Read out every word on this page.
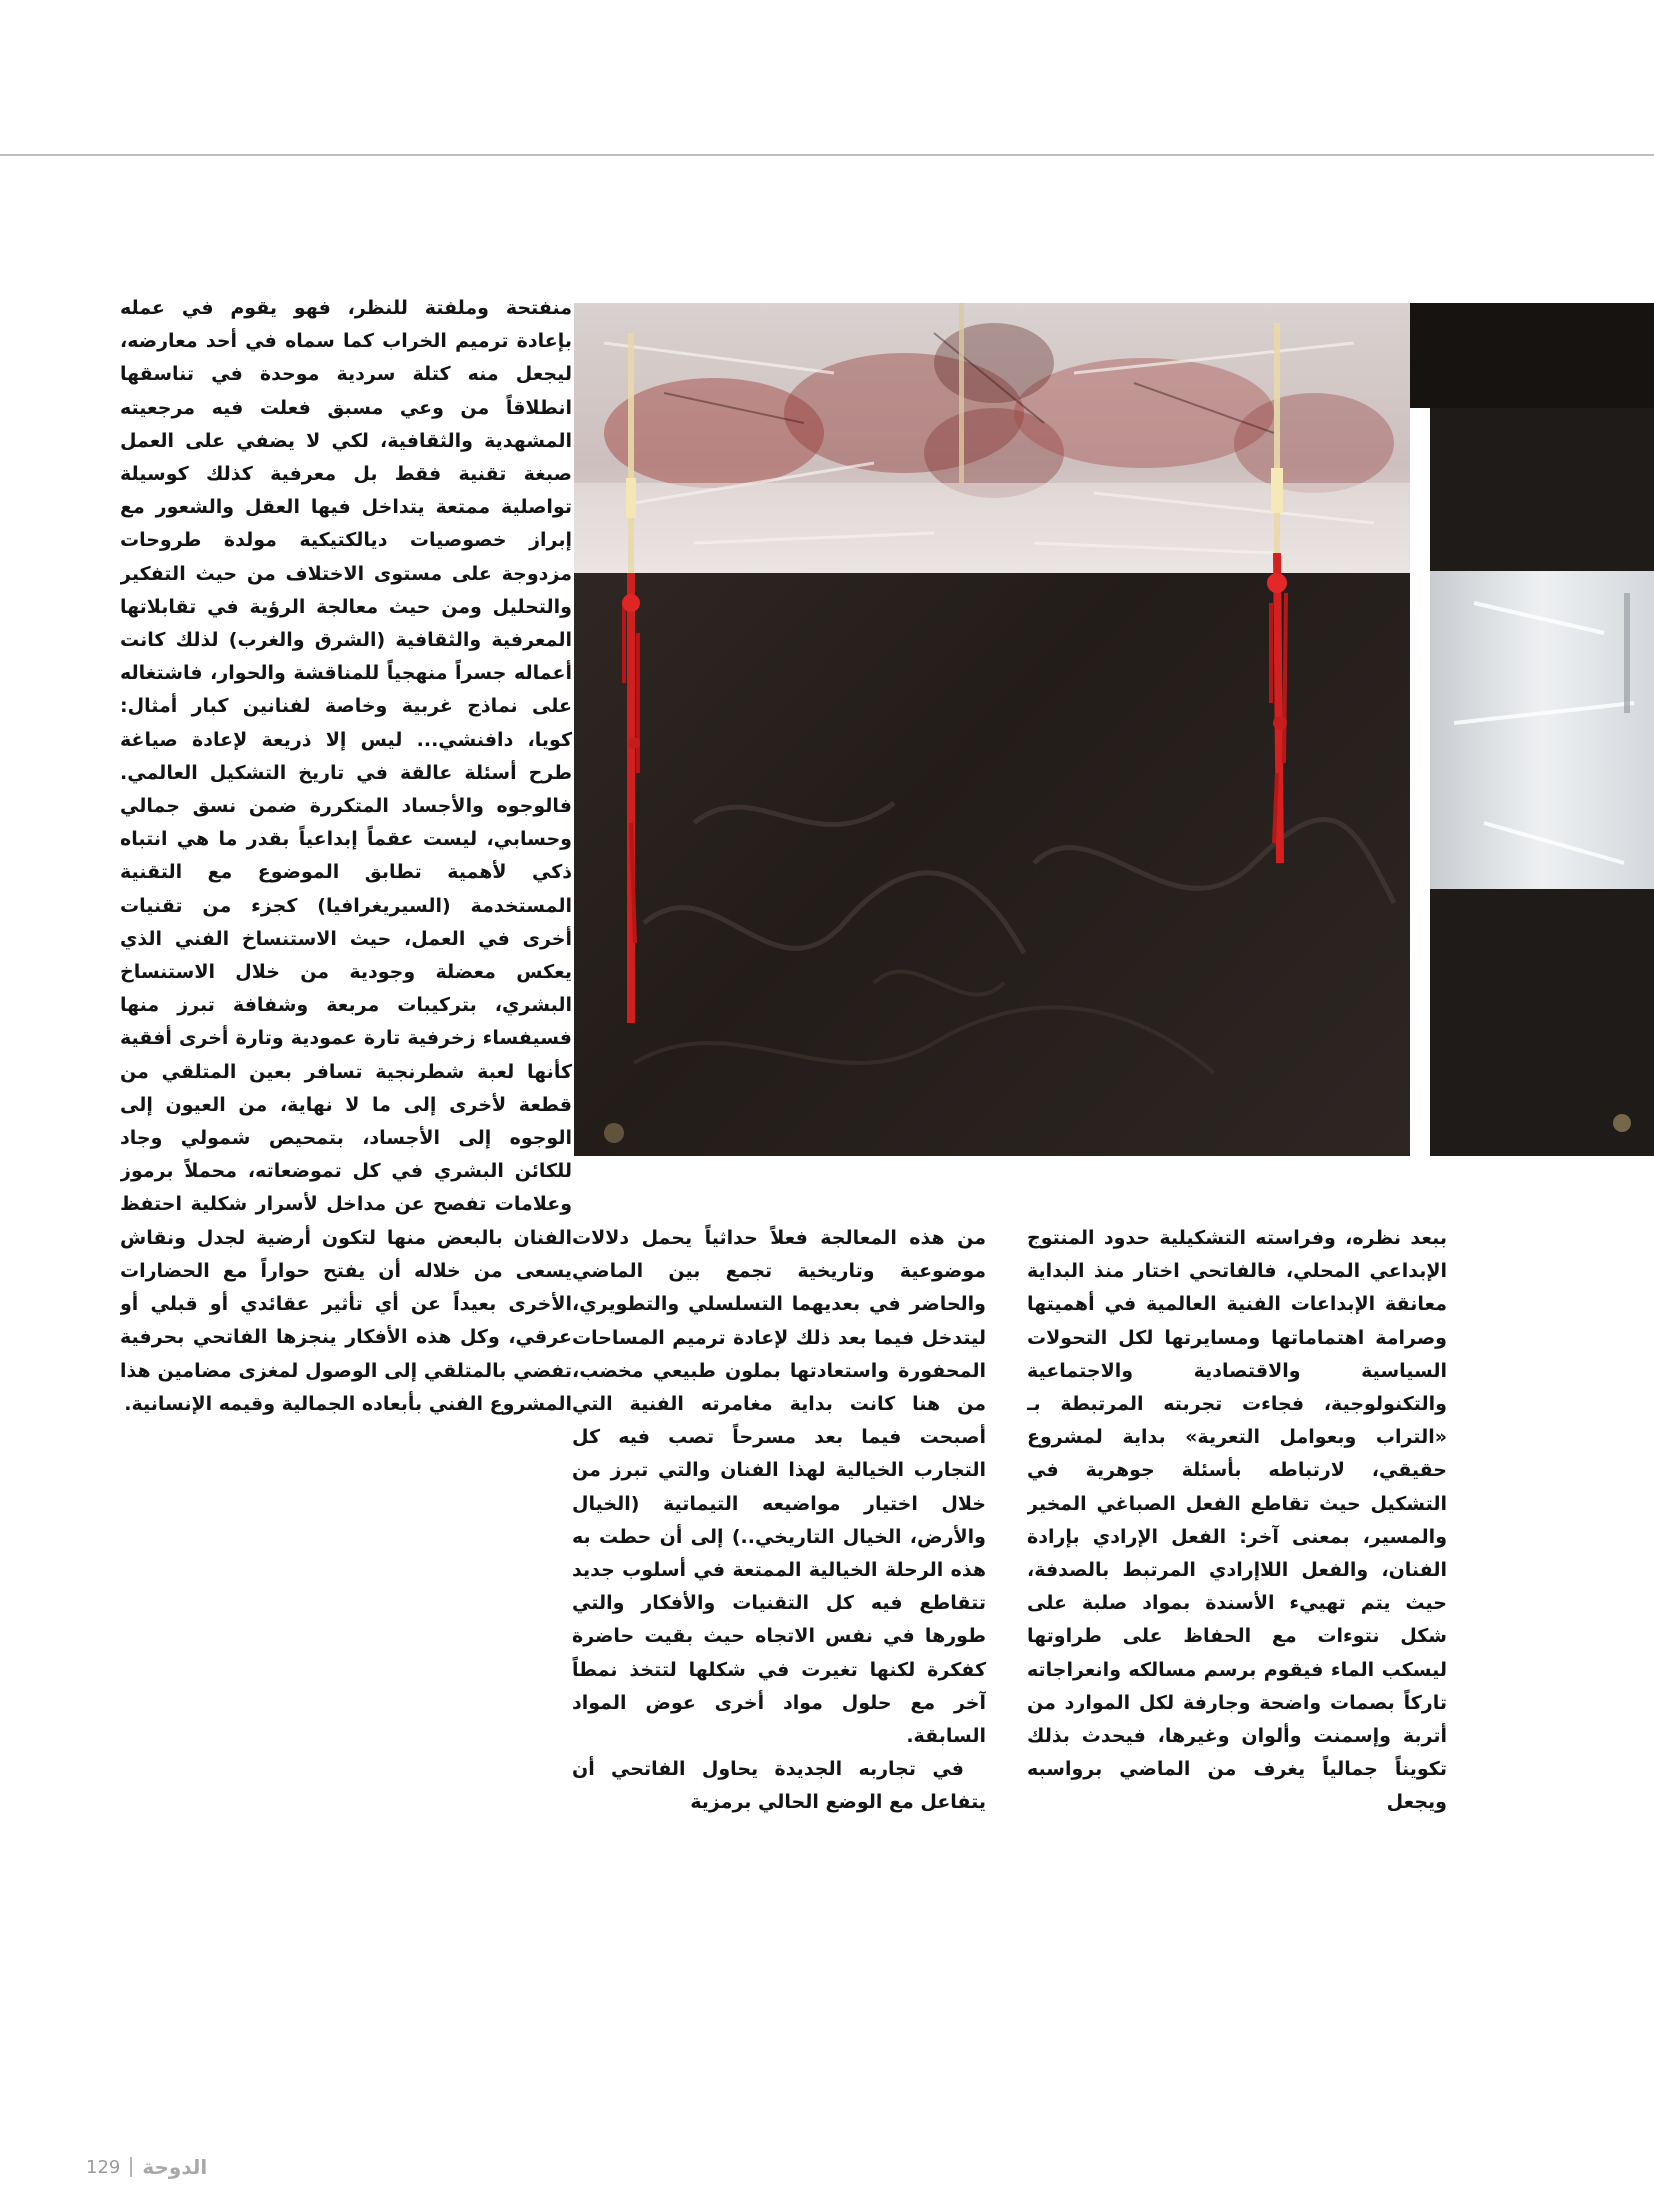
منفتحة وملفتة للنظر، فهو يقوم في عمله بإعادة ترميم الخراب كما سماه في أحد معارضه، ليجعل منه كتلة سردية موحدة في تناسقها انطلاقاً من وعي مسبق فعلت فيه مرجعيته المشهدية والثقافية، لكي لا يضفي على العمل صبغة تقنية فقط بل معرفية كذلك كوسيلة تواصلية ممتعة يتداخل فيها العقل والشعور مع إبراز خصوصيات ديالكتيكية مولدة طروحات مزدوجة على مستوى الاختلاف من حيث التفكير والتحليل ومن حيث معالجة الرؤية في تقابلاتها المعرفية والثقافية (الشرق والغرب) لذلك كانت أعماله جسراً منهجياً للمناقشة والحوار، فاشتغاله على نماذج غربية وخاصة لفنانين كبار أمثال: كويا، دافنشي... ليس إلا ذريعة لإعادة صياغة طرح أسئلة عالقة في تاريخ التشكيل العالمي. فالوجوه والأجساد المتكررة ضمن نسق جمالي وحسابي، ليست عقماً إبداعياً بقدر ما هي انتباه ذكي لأهمية تطابق الموضوع مع التقنية المستخدمة (السيريغرافيا) كجزء من تقنيات أخرى في العمل، حيث الاستنساخ الفني الذي يعكس معضلة وجودية من خلال الاستنساخ البشري، بتركيبات مربعة وشفافة تبرز منها فسيفساء زخرفية تارة عمودية وتارة أخرى أفقية كأنها لعبة شطرنجية تسافر بعين المتلقي من قطعة لأخرى إلى ما لا نهاية، من العيون إلى الوجوه إلى الأجساد، بتمحيص شمولي وجاد للكائن البشري في كل تموضعاته، محملاً برموز وعلامات تفصح عن مداخل لأسرار شكلية احتفظ الفنان بالبعض منها لتكون أرضية لجدل ونقاش يسعى من خلاله أن يفتح حواراً مع الحضارات الأخرى بعيداً عن أي تأثير عقائدي أو قبلي أو عرقي، وكل هذه الأفكار ينجزها الفاتحي بحرفية تفضي بالمتلقي إلى الوصول لمغزى مضامين هذا المشروع الفني بأبعاده الجمالية وقيمه الإنسانية.

من هذه المعالجة فعلاً حداثياً يحمل دلالات موضوعية وتاريخية تجمع بين الماضي والحاضر في بعديهما التسلسلي والتطويري، ليتدخل فيما بعد ذلك لإعادة ترميم المساحات المحفورة واستعادتها بملون طبيعي مخضب، من هنا كانت بداية مغامرته الفنية التي أصبحت فيما بعد مسرحاً تصب فيه كل التجارب الخيالية لهذا الفنان والتي تبرز من خلال اختيار مواضيعه التيماتية (الخيال والأرض، الخيال التاريخي..) إلى أن حطت به هذه الرحلة الخيالية الممتعة في أسلوب جديد تتقاطع فيه كل التقنيات والأفكار والتي طورها في نفس الاتجاه حيث بقيت حاضرة كفكرة لكنها تغيرت في شكلها لتتخذ نمطاً آخر مع حلول مواد أخرى عوض المواد السابقة.

في تجاربه الجديدة يحاول الفاتحي أن يتفاعل مع الوضع الحالي برمزية

ببعد نظره، وفراسته التشكيلية حدود المنتوج الإبداعي المحلي، فالفاتحي اختار منذ البداية معانقة الإبداعات الفنية العالمية في أهميتها وصرامة اهتماماتها ومسايرتها لكل التحولات السياسية والاقتصادية والاجتماعية والتكنولوجية، فجاءت تجربته المرتبطة بـ «التراب وبعوامل التعرية» بداية لمشروع حقيقي، لارتباطه بأسئلة جوهرية في التشكيل حيث تقاطع الفعل الصباغي المخير والمسير، بمعنى آخر: الفعل الإرادي بإرادة الفنان، والفعل اللاإرادي المرتبط بالصدفة، حيث يتم تهييء الأسندة بمواد صلبة على شكل نتوءات مع الحفاظ على طراوتها ليسكب الماء فيقوم برسم مسالكه وانعراجاته تاركاً بصمات واضحة وجارفة لكل الموارد من أتربة وإسمنت وألوان وغيرها، فيحدث بذلك تكويناً جمالياً يغرف من الماضي برواسبه ويجعل

129 الدوحة
